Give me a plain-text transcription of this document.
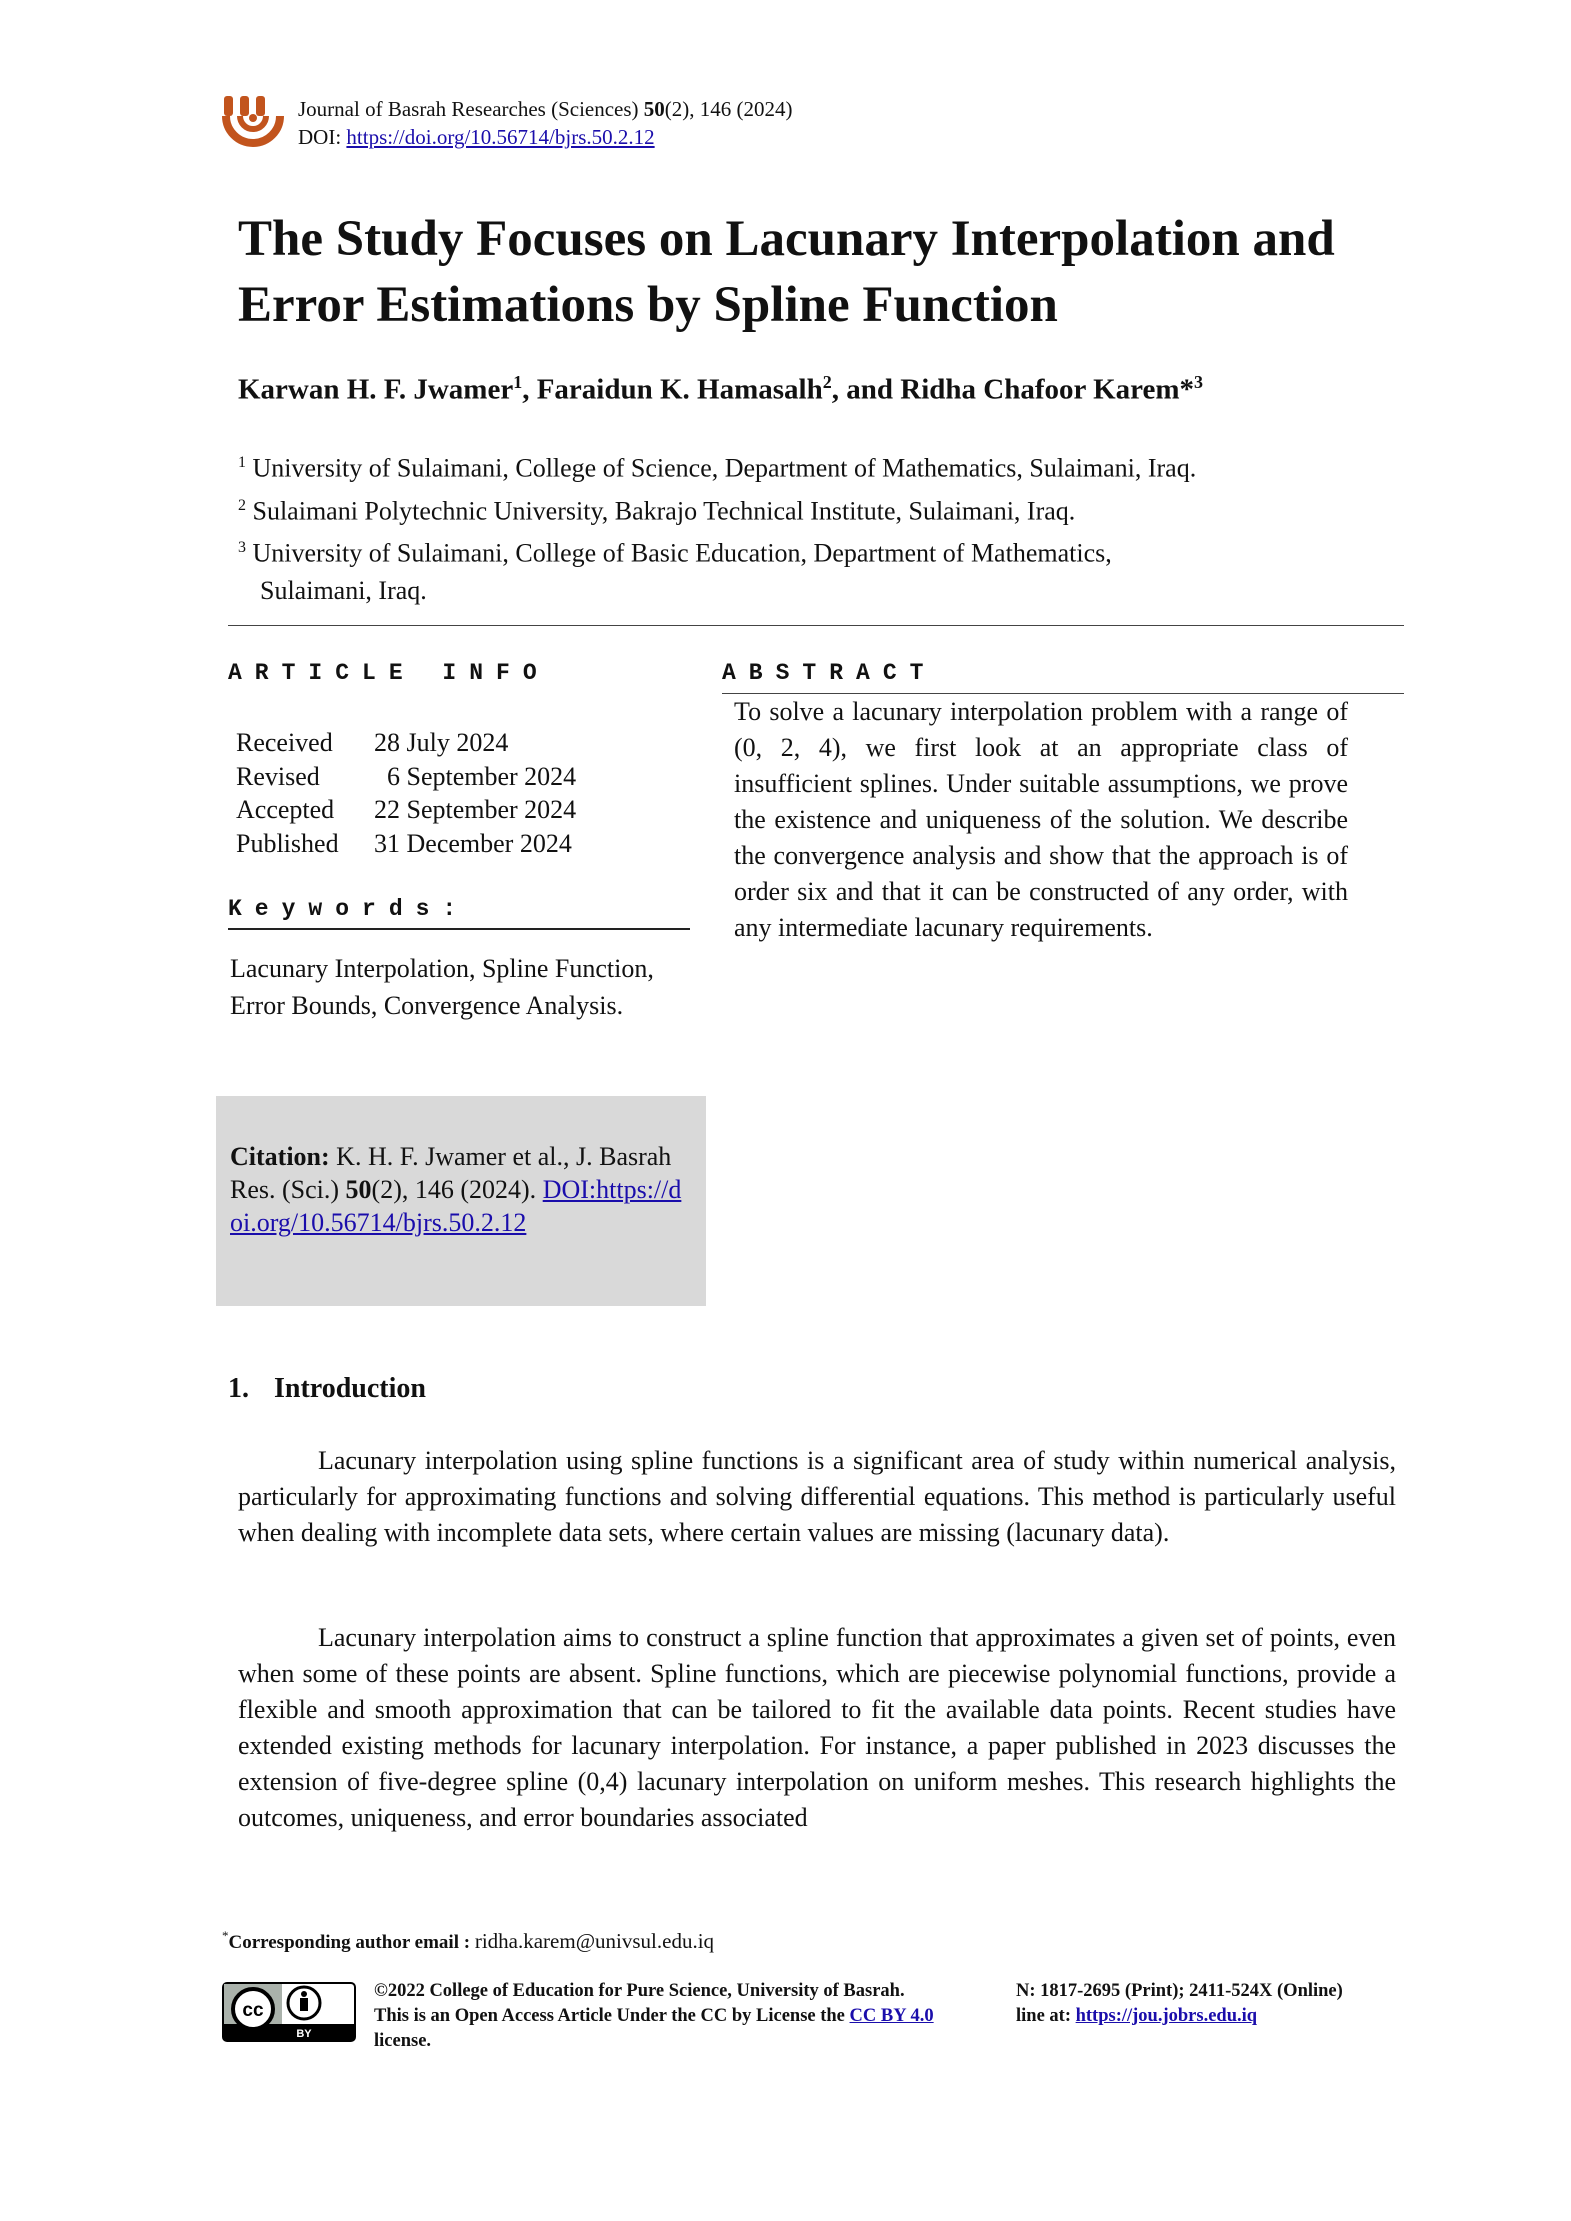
Journal of Basrah Researches (Sciences) 50(2), 146 (2024)
DOI: https://doi.org/10.56714/bjrs.50.2.12
The Study Focuses on Lacunary Interpolation and Error Estimations by Spline Function
Karwan H. F. Jwamer$^1$, Faraidun K. Hamasalh$^2$, and Ridha Chafoor Karem*$^3$
$^1$ University of Sulaimani, College of Science, Department of Mathematics, Sulaimani, Iraq.
$^2$ Sulaimani Polytechnic University, Bakrajo Technical Institute, Sulaimani, Iraq.
$^3$ University of Sulaimani, College of Basic Education, Department of Mathematics,
Sulaimani, Iraq.
ARTICLE INFO
Received	28 July 2024
Revised	6 September 2024
Accepted	22 September 2024
Published	31 December 2024
Keywords:
Lacunary Interpolation, Spline Function, Error Bounds, Convergence Analysis.
Citation: K. H. F. Jwamer et al., J. Basrah Res. (Sci.) 50(2), 146 (2024). DOI:https://doi.org/10.56714/bjrs.50.2.12
ABSTRACT
To solve a lacunary interpolation problem with a range of (0, 2, 4), we first look at an appropriate class of insufficient splines. Under suitable assumptions, we prove the existence and uniqueness of the solution. We describe the convergence analysis and show that the approach is of order six and that it can be constructed of any order, with any intermediate lacunary requirements.
1. Introduction
Lacunary interpolation using spline functions is a significant area of study within numerical analysis, particularly for approximating functions and solving differential equations. This method is particularly useful when dealing with incomplete data sets, where certain values are missing (lacunary data).
Lacunary interpolation aims to construct a spline function that approximates a given set of points, even when some of these points are absent. Spline functions, which are piecewise polynomial functions, provide a flexible and smooth approximation that can be tailored to fit the available data points. Recent studies have extended existing methods for lacunary interpolation. For instance, a paper published in 2023 discusses the extension of five-degree spline (0,4) lacunary interpolation on uniform meshes. This research highlights the outcomes, uniqueness, and error boundaries associated
*Corresponding author email : ridha.karem@univsul.edu.iq
cc
BY
©2022 College of Education for Pure Science, University of Basrah. This is an Open Access Article Under the CC by License the CC BY 4.0 license.
N: 1817-2695 (Print); 2411-524X (Online)
line at: https://jou.jobrs.edu.iq
